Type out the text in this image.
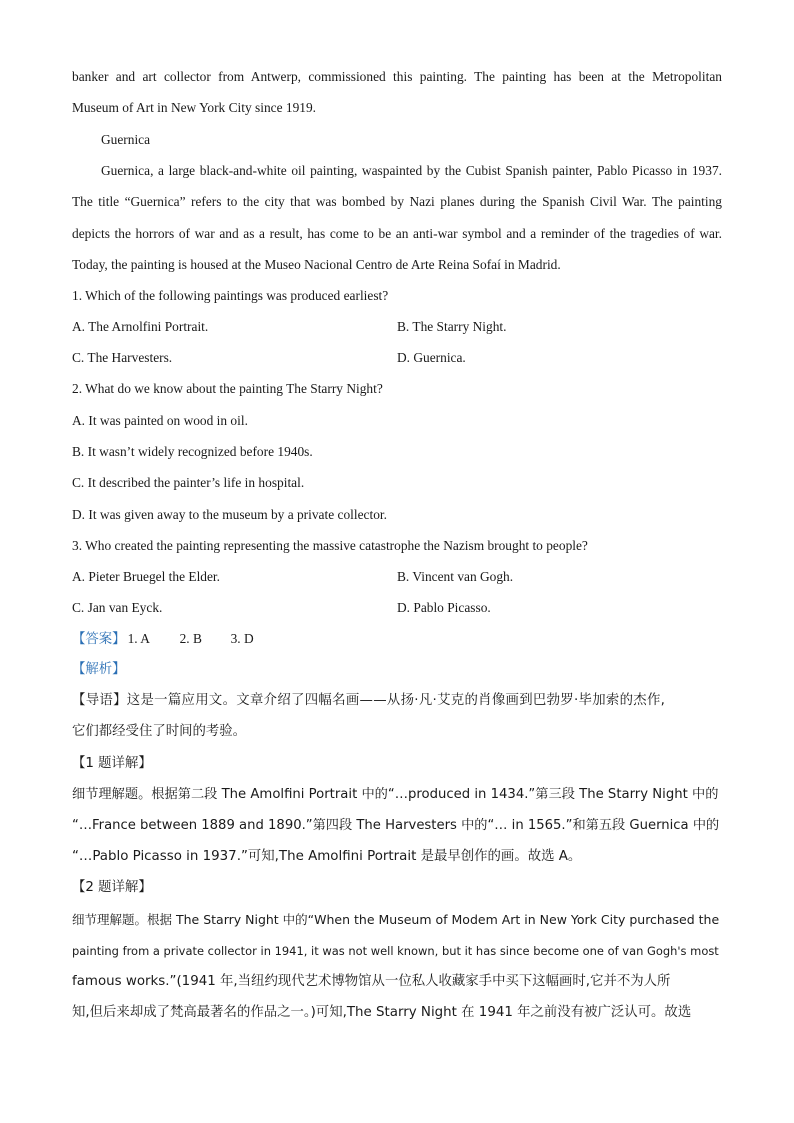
banker and art collector from Antwerp, commissioned this painting. The painting has been at the Metropolitan
Museum of Art in New York City since 1919.
Guernica
Guernica, a large black-and-white oil painting, waspainted by the Cubist Spanish painter, Pablo Picasso in 1937.
The title “Guernica” refers to the city that was bombed by Nazi planes during the Spanish Civil War. The painting
depicts the horrors of war and as a result, has come to be an anti-war symbol and a reminder of the tragedies of war.
Today, the painting is housed at the Museo Nacional Centro de Arte Reina Sofaí in Madrid.
1. Which of the following paintings was produced earliest?
A. The Arnolfini Portrait.	B. The Starry Night.
C. The Harvesters.	D. Guernica.
2. What do we know about the painting The Starry Night?
A. It was painted on wood in oil.
B. It wasn’t widely recognized before 1940s.
C. It described the painter’s life in hospital.
D. It was given away to the museum by a private collector.
3. Who created the painting representing the massive catastrophe the Nazism brought to people?
A. Pieter Bruegel the Elder.	B. Vincent van Gogh.
C. Jan van Eyck.	D. Pablo Picasso.
【答案】 1. A 2. B 3. D
【解析】
【导语】这是一篇应用文。文章介绍了四幅名画——从扬·凡·艾克的肖像画到巴勃罗·毕加索的杰作,
它们都经受住了时间的考验。
【1 题详解】
细节理解题。根据第二段 The Amolfini Portrait 中的“…produced in 1434.”第三段 The Starry Night 中的
“…France between 1889 and 1890.”第四段 The Harvesters 中的“… in 1565.”和第五段 Guernica 中的
“…Pablo Picasso in 1937.”可知,The Amolfini Portrait 是最早创作的画。故选 A。
【2 题详解】
细节理解题。根据 The Starry Night 中的“When the Museum of Modem Art in New York City purchased the
painting from a private collector in 1941, it was not well known, but it has since become one of van Gogh's most
famous works.”(1941 年,当纽约现代艺术博物馆从一位私人收藏家手中买下这幅画时,它并不为人所
知,但后来却成了梵高最著名的作品之一。)可知,The Starry Night 在 1941 年之前没有被广泛认可。故选
